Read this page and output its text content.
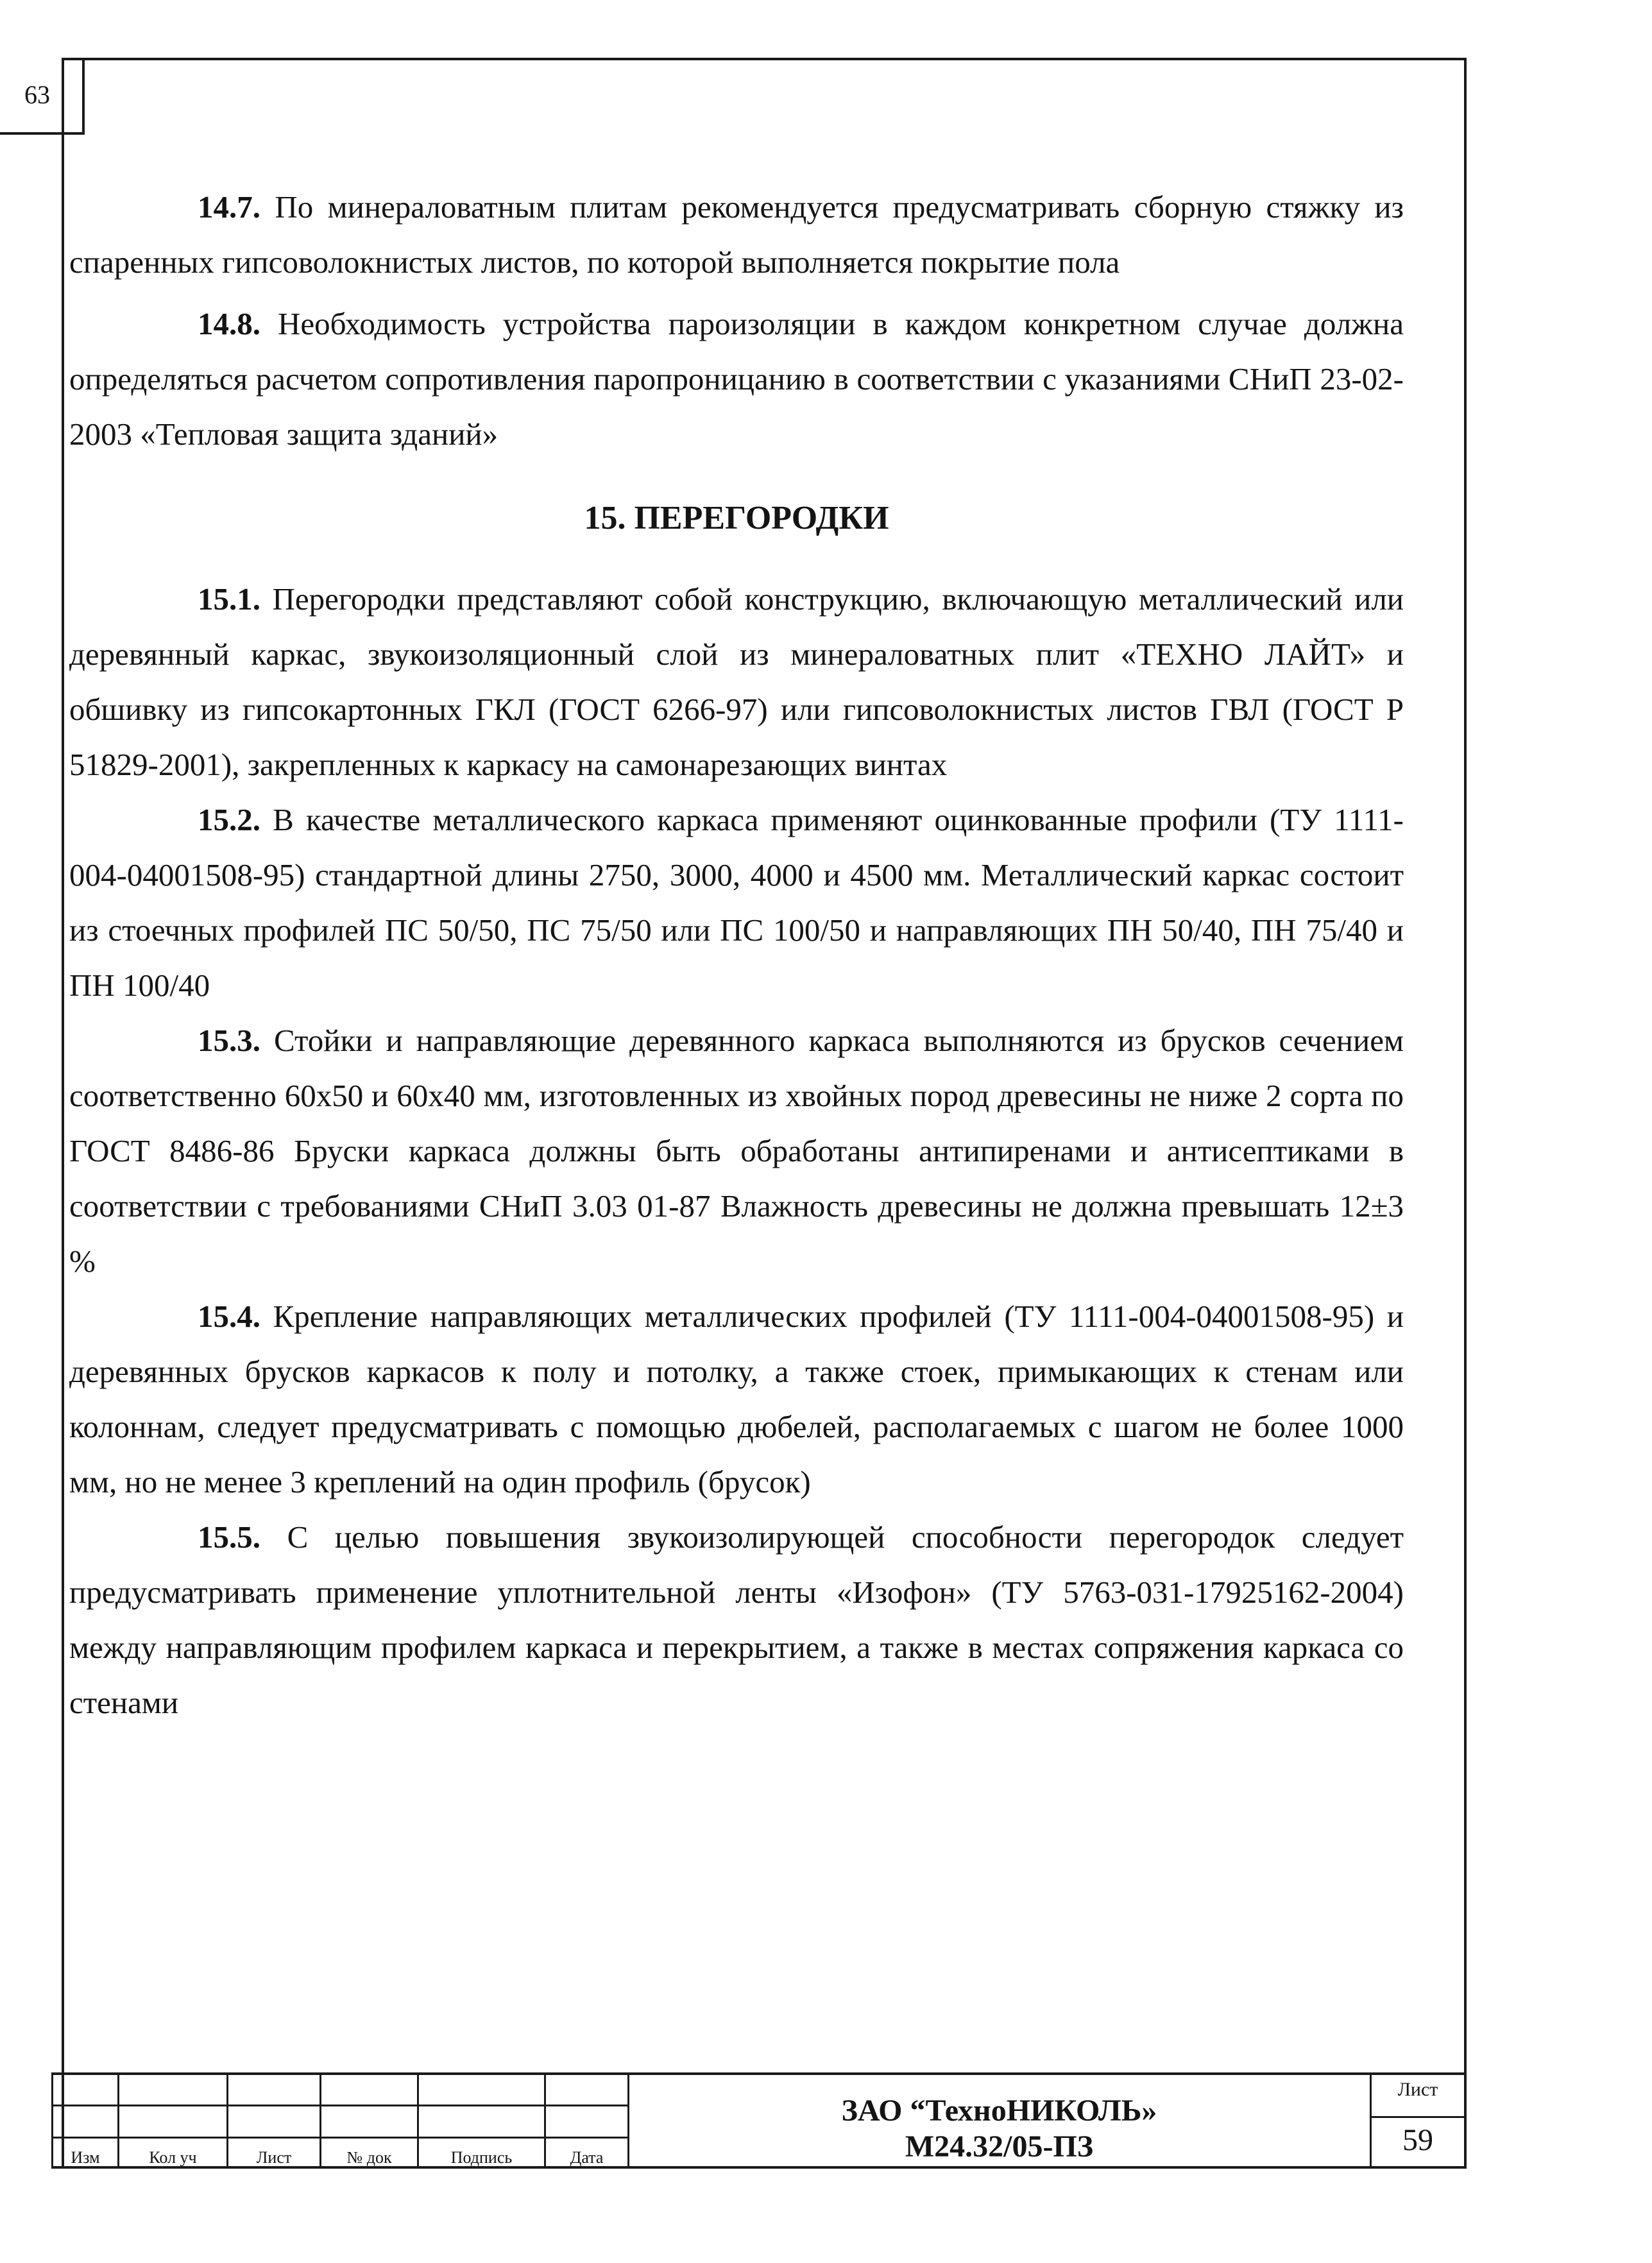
63

14.7. По минераловатным плитам рекомендуется предусматривать сборную стяжку из спаренных гипсоволокнистых листов, по которой выполняется покрытие пола

14.8. Необходимость устройства пароизоляции в каждом конкретном случае должна определяться расчетом сопротивления паропроницанию в соответствии с указаниями СНиП 23-02-2003 «Тепловая защита зданий»

15. ПЕРЕГОРОДКИ

15.1. Перегородки представляют собой конструкцию, включающую металлический или деревянный каркас, звукоизоляционный слой из минераловатных плит «ТЕХНО ЛАЙТ» и обшивку из гипсокартонных ГКЛ (ГОСТ 6266-97) или гипсоволокнистых листов ГВЛ (ГОСТ Р 51829-2001), закрепленных к каркасу на самонарезающих винтах

15.2. В качестве металлического каркаса применяют оцинкованные профили (ТУ 1111-004-04001508-95) стандартной длины 2750, 3000, 4000 и 4500 мм. Металлический каркас состоит из стоечных профилей ПС 50/50, ПС 75/50 или ПС 100/50 и направляющих ПН 50/40, ПН 75/40 и ПН 100/40

15.3. Стойки и направляющие деревянного каркаса выполняются из брусков сечением соответственно 60х50 и 60х40 мм, изготовленных из хвойных пород древесины не ниже 2 сорта по ГОСТ 8486-86 Бруски каркаса должны быть обработаны антипиренами и антисептиками в соответствии с требованиями СНиП 3.03 01-87 Влажность древесины не должна превышать 12±3 %

15.4. Крепление направляющих металлических профилей (ТУ 1111-004-04001508-95) и деревянных брусков каркасов к полу и потолку, а также стоек, примыкающих к стенам или колоннам, следует предусматривать с помощью дюбелей, располагаемых с шагом не более 1000 мм, но не менее 3 креплений на один профиль (брусок)

15.5. С целью повышения звукоизолирующей способности перегородок следует предусматривать применение уплотнительной ленты «Изофон» (ТУ 5763-031-17925162-2004) между направляющим профилем каркаса и перекрытием, а также в местах сопряжения каркаса со стенами

Изм	Кол уч	Лист	№ док	Подпись	Дата
ЗАО “ТехноНИКОЛЬ»
М24.32/05-ПЗ
Лист
59
